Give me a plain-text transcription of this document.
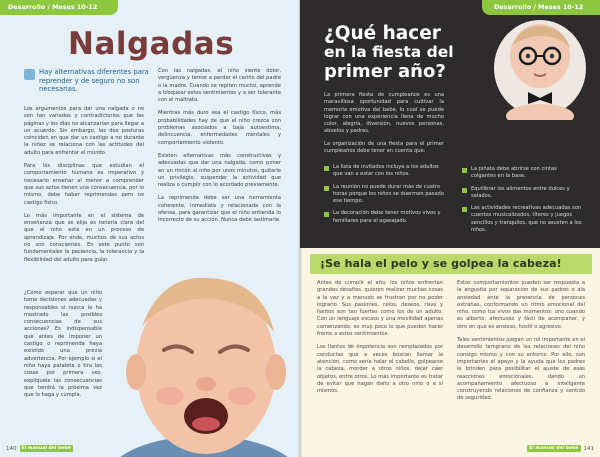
Desarrollo / Meses 10-12
Nalgadas
Hay alternativas diferentes para reprender y de seguro no son necesarias.

Los argumentos para dar una nalgada o no son tan variados y contradictorios que las páginas y los días no alcanzarían para llegar a un acuerdo. Sin embargo, las dos posturas coinciden en que dar un castigo a no durante la niñez se relaciona con las actitudes del adulto para enfrentar el mundo.

Para los disciplinas que estudian el comportamiento humano es imperativo y necesario enseñar al menor a comprender que sus actos tienen una consecuencia, por lo mismo, debe haber reprimendas pero no castigo físico.

Lo más importante en el sistema de enseñanza que se elija es tenerla clara del que el niño esta en un proceso de aprendizaje. Por ende, muchos de sus actos no son conscientes. En este punto son fundamentales la paciencia, la tolerancia y la flexibilidad del adulto para guiar.

¿Cómo esperar que un niño tome decisiones adecuadas y responsables si nunca le ha mostrado las posibles consecuencias de sus acciones? Es indispensable que antes de imponer un castigo o reprimenda haya existido una previa advertencia. Por ejemplo si el niño haya pataleta o tira las cosas por primera vez, explíquele las consecuencias que tendrá la próxima vez que lo haga y cumpla.

Con las nalgadas, el niño siente dolor, vergüenza y temor a perder el cariño del padre o la madre. Cuando se repiten mucho, aprende a bloquear estos sentimientos y a ser tolerante con el maltrato.

Mientras más duro sea el castigo físico, más probabilidades hay de que el niño crezca con problemas asociados a baja autoestima, delincuencia, enfermedades mentales y comportamiento violento.

Existen alternativas más constructivas y adecuadas que dar una nalgada, como poner en un rincón al niño por unos minutos, quitarle un privilegio, suspender la actividad que realiza o cumplir con lo acordado previamente.

La reprimenda debe ser una herramienta coherente, inmediata y relacionada con la ofensa, para garantizar que el niño entienda lo incorrecto de su acción. Nunca debe lastimarle.

140	El manual del bebé
Desarrollo / Meses 10-12
¿Qué hacer
en la fiesta del
primer año?

La primera fiesta de cumpleaños es una maravillosa oportunidad para cultivar la memoria emotiva del bebé, lo cual se puede lograr con una experiencia llena de mucho color, alegría, diversión, nuevos personas, abuelos y padres.

La organización de una fiesta para el primer cumpleaños debe tener en cuenta que:

La lista de invitados incluye a los adultos que van a estar con los niños.
La reunión no puede durar más de cuatro horas porque los niños se duermen pasado ese tiempo.
La decoración debe tener motivos vivos y familiares para el agasajado.
La piñata debe abrirse con cintas colgantes en la base.
Equilibrar los alimentos entre dulces y salados.
Las actividades recreativas adecuadas son cuentos musicalizados, títeres y juegos sencillos y tranquilos, que no asusten a los niños.
¡Se hala el pelo y se golpea la cabeza!

Antes de cumplir el año, los niños enfrentan grandes desafíos, quieren realizar muchas cosas a la vez y a menudo se frustran por no poder lograrlo. Sus pasiones, celos, deseos, risas y llantos son tan fuertes como los de un adulto. Con un lenguaje escaso y una movilidad apenas comenzando, es muy poco lo que pueden hacer frente a estos sentimientos.

Los llantos de impotencia son remplazados por conductas que a veces buscan llamar la atención, como sería halar el cabello, golpearse la cabeza, morder a otros niños, dejar caer objetos, entre otros. Lo más importante es tratar de evitar que hagan daño a otro niño o a sí mismos.

Estos comportamientos pueden ser respuesta a la angustia por separación de sus padres o ala ansiedad ante la presencia de personas extrañas, conformando un ritmo emocional del niño, como tus vivos das momentos: uno cuando es alberto, afectuoso y fácil de acompañar, y otro en que es ansioso, hostil o agresivo.

Tales sentimientos juegan un rol importante en el desarrollo temprano de las relaciones del niño consigo mismo y con su entorno. Por ello, son importantes el apoyo y la ayuda que los padres le brinden para posibilitar el ajuste de esas reacciones emocionales, dando un acompañamiento afectuoso e inteligente construyendo relaciones de confianza y sentido de seguridad.

El manual del bebé 141
